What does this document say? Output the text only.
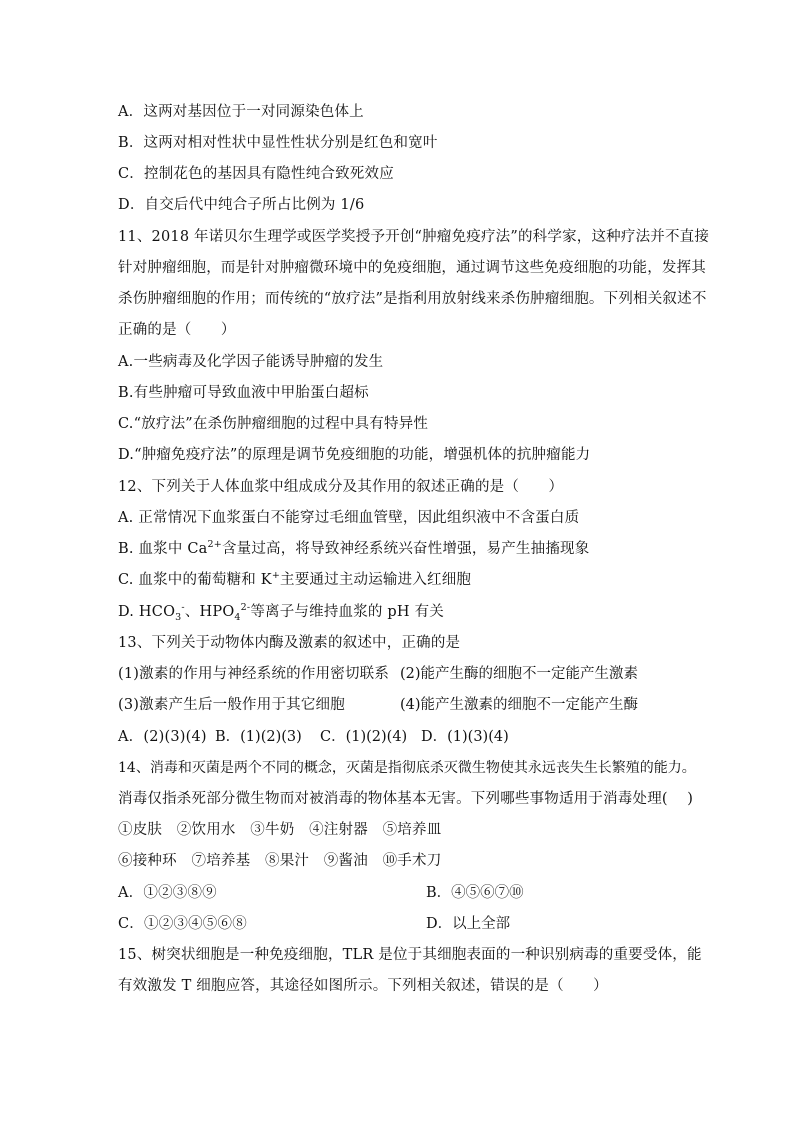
A．这两对基因位于一对同源染色体上
B．这两对相对性状中显性性状分别是红色和宽叶
C．控制花色的基因具有隐性纯合致死效应
D．自交后代中纯合子所占比例为 1/6
11、2018 年诺贝尔生理学或医学奖授予开创“肿瘤免疫疗法”的科学家，这种疗法并不直接
针对肿瘤细胞，而是针对肿瘤微环境中的免疫细胞，通过调节这些免疫细胞的功能，发挥其
杀伤肿瘤细胞的作用；而传统的“放疗法”是指利用放射线来杀伤肿瘤细胞。下列相关叙述不
正确的是（　　）
A.一些病毒及化学因子能诱导肿瘤的发生
B.有些肿瘤可导致血液中甲胎蛋白超标
C.“放疗法”在杀伤肿瘤细胞的过程中具有特异性
D.“肿瘤免疫疗法”的原理是调节免疫细胞的功能，增强机体的抗肿瘤能力
12、下列关于人体血浆中组成成分及其作用的叙述正确的是（　　）
A. 正常情况下血浆蛋白不能穿过毛细血管壁，因此组织液中不含蛋白质
B. 血浆中 $Ca^{2+}$含量过高，将导致神经系统兴奋性增强，易产生抽搐现象
C. 血浆中的葡萄糖和 K+主要通过主动运输进入红细胞
D. $HCO_3^-$、$HPO_4^{2-}$等离子与维持血浆的 pH 有关
13、下列关于动物体内酶及激素的叙述中，正确的是
(1)激素的作用与神经系统的作用密切联系 (2)能产生酶的细胞不一定能产生激素
(3)激素产生后一般作用于其它细胞	(4)能产生激素的细胞不一定能产生酶
A．(2)(3)(4) B．(1)(2)(3) C．(1)(2)(4) D．(1)(3)(4)
14、消毒和灭菌是两个不同的概念，灭菌是指彻底杀灭微生物使其永远丧失生长繁殖的能力。
消毒仅指杀死部分微生物而对被消毒的物体基本无害。下列哪些事物适用于消毒处理(　 )
①皮肤　②饮用水　③牛奶　④注射器　⑤培养皿
⑥接种环　⑦培养基　⑧果汁　⑨酱油　⑩手术刀
A．①②③⑧⑨	B．④⑤⑥⑦⑩
C．①②③④⑤⑥⑧	D．以上全部
15、树突状细胞是一种免疫细胞，TLR 是位于其细胞表面的一种识别病毒的重要受体，能
有效激发 T 细胞应答，其途径如图所示。下列相关叙述，错误的是（　　）
